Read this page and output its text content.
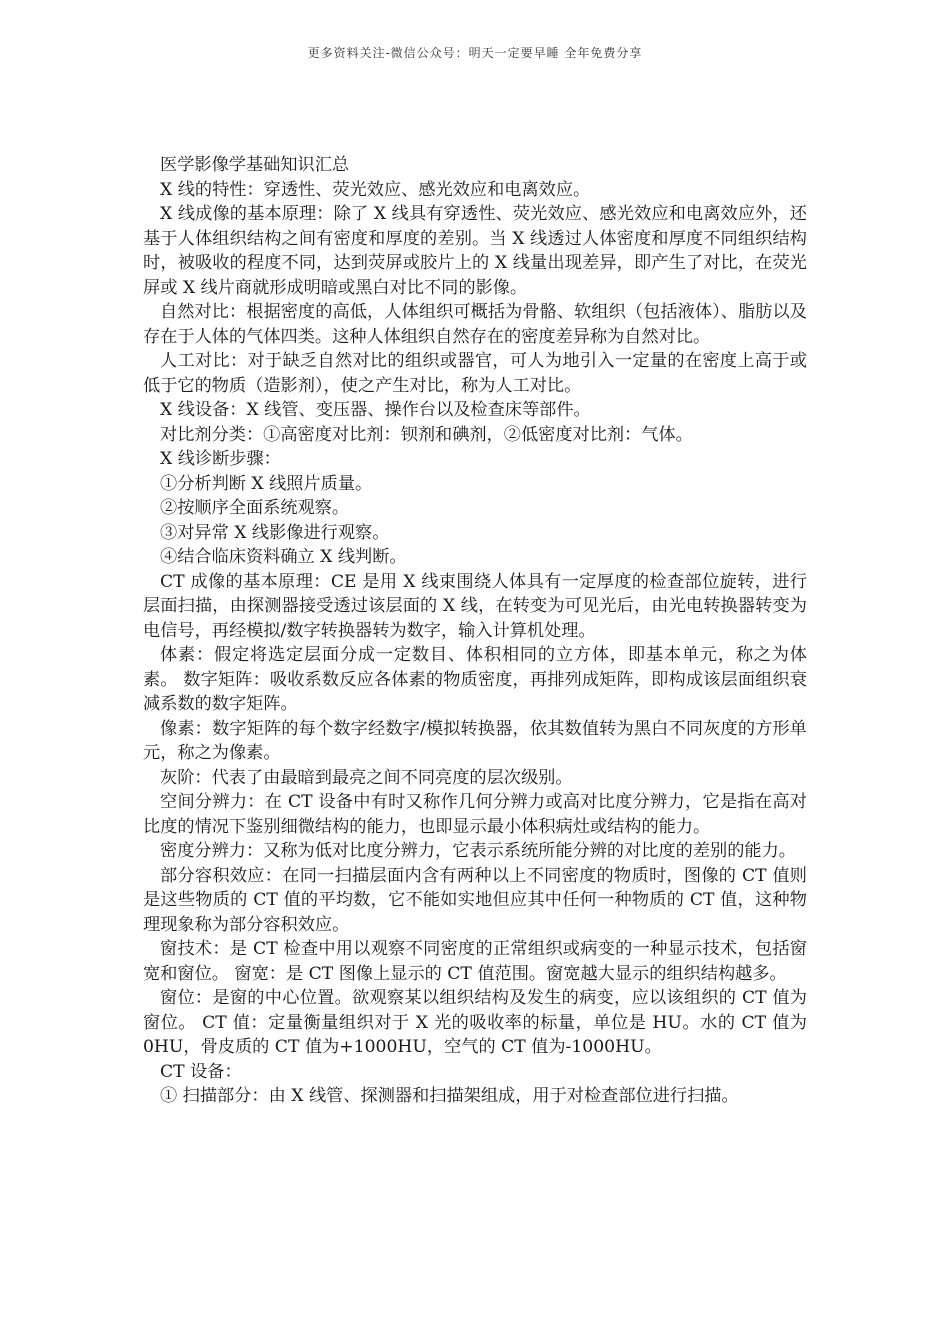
更多资料关注-微信公众号：明天一定要早睡 全年免费分享

医学影像学基础知识汇总

X 线的特性：穿透性、荧光效应、感光效应和电离效应。

X 线成像的基本原理：除了 X 线具有穿透性、荧光效应、感光效应和电离效应外，还基于人体组织结构之间有密度和厚度的差别。当 X 线透过人体密度和厚度不同组织结构时，被吸收的程度不同，达到荧屏或胶片上的 X 线量出现差异，即产生了对比，在荧光屏或 X 线片商就形成明暗或黑白对比不同的影像。

自然对比：根据密度的高低，人体组织可概括为骨骼、软组织（包括液体）、脂肪以及存在于人体的气体四类。这种人体组织自然存在的密度差异称为自然对比。

人工对比：对于缺乏自然对比的组织或器官，可人为地引入一定量的在密度上高于或低于它的物质（造影剂），使之产生对比，称为人工对比。

X 线设备：X 线管、变压器、操作台以及检查床等部件。

对比剂分类：①高密度对比剂：钡剂和碘剂，②低密度对比剂：气体。

X 线诊断步骤：

①分析判断 X 线照片质量。

②按顺序全面系统观察。

③对异常 X 线影像进行观察。

④结合临床资料确立 X 线判断。

CT 成像的基本原理：CE 是用 X 线束围绕人体具有一定厚度的检查部位旋转，进行层面扫描，由探测器接受透过该层面的 X 线，在转变为可见光后，由光电转换器转变为电信号，再经模拟/数字转换器转为数字，输入计算机处理。

体素：假定将选定层面分成一定数目、体积相同的立方体，即基本单元，称之为体素。 数字矩阵：吸收系数反应各体素的物质密度，再排列成矩阵，即构成该层面组织衰减系数的数字矩阵。

像素：数字矩阵的每个数字经数字/模拟转换器，依其数值转为黑白不同灰度的方形单元，称之为像素。

灰阶：代表了由最暗到最亮之间不同亮度的层次级别。

空间分辨力：在 CT 设备中有时又称作几何分辨力或高对比度分辨力，它是指在高对比度的情况下鉴别细微结构的能力，也即显示最小体积病灶或结构的能力。

密度分辨力：又称为低对比度分辨力，它表示系统所能分辨的对比度的差别的能力。

部分容积效应：在同一扫描层面内含有两种以上不同密度的物质时，图像的 CT 值则是这些物质的 CT 值的平均数，它不能如实地但应其中任何一种物质的 CT 值，这种物理现象称为部分容积效应。

窗技术：是 CT 检查中用以观察不同密度的正常组织或病变的一种显示技术，包括窗宽和窗位。 窗宽：是 CT 图像上显示的 CT 值范围。窗宽越大显示的组织结构越多。

窗位：是窗的中心位置。欲观察某以组织结构及发生的病变，应以该组织的 CT 值为窗位。 CT 值：定量衡量组织对于 X 光的吸收率的标量，单位是 HU。水的 CT 值为 0HU，骨皮质的 CT 值为+1000HU，空气的 CT 值为-1000HU。

CT 设备：

① 扫描部分：由 X 线管、探测器和扫描架组成，用于对检查部位进行扫描。
